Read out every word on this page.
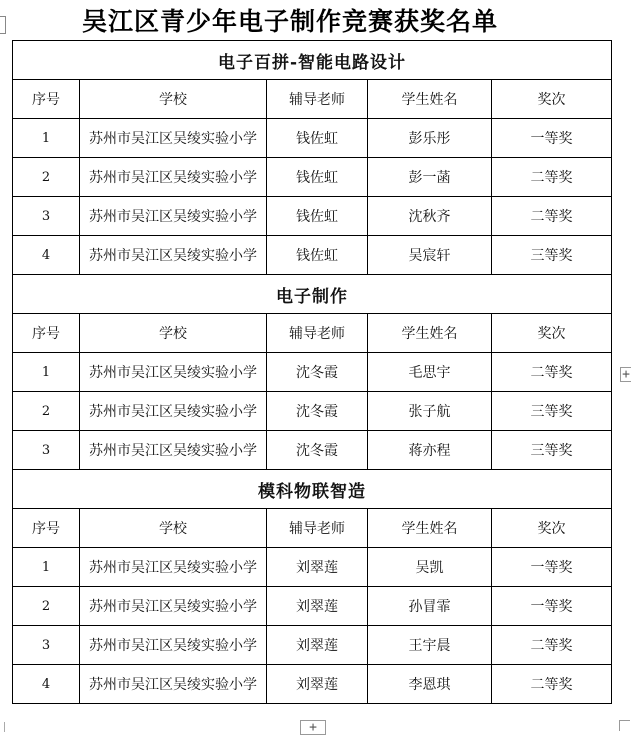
吴江区青少年电子制作竞赛获奖名单
电子百拼-智能电路设计				
序号	学校	辅导老师	学生姓名	奖次
1	苏州市吴江区吴绫实验小学	钱佐虹	彭乐彤	一等奖
2	苏州市吴江区吴绫实验小学	钱佐虹	彭一菡	二等奖
3	苏州市吴江区吴绫实验小学	钱佐虹	沈秋齐	二等奖
4	苏州市吴江区吴绫实验小学	钱佐虹	吴宸轩	三等奖
电子制作				
序号	学校	辅导老师	学生姓名	奖次
1	苏州市吴江区吴绫实验小学	沈冬霞	毛思宇	二等奖
2	苏州市吴江区吴绫实验小学	沈冬霞	张子航	三等奖
3	苏州市吴江区吴绫实验小学	沈冬霞	蒋亦程	三等奖
模科物联智造				
序号	学校	辅导老师	学生姓名	奖次
1	苏州市吴江区吴绫实验小学	刘翠莲	吴凯	一等奖
2	苏州市吴江区吴绫实验小学	刘翠莲	孙冒霏	一等奖
3	苏州市吴江区吴绫实验小学	刘翠莲	王宇晨	二等奖
4	苏州市吴江区吴绫实验小学	刘翠莲	李恩琪	二等奖
+
+
